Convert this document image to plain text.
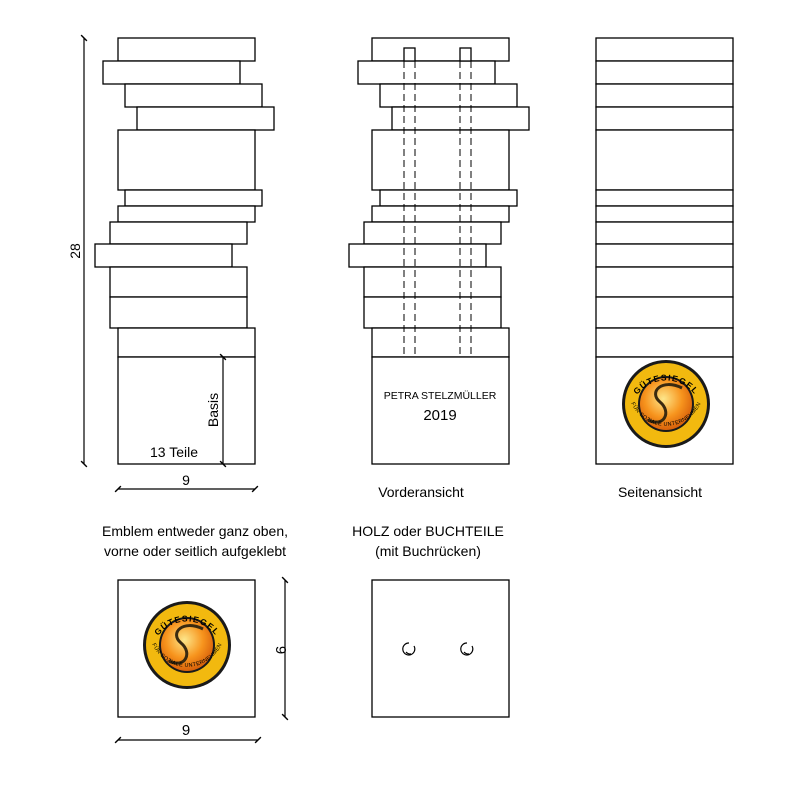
28
Basis
13 Teile
9
PETRA STELZMÜLLER
2019
Vorderansicht
GÜTESIEGEL
FÜR SOZIALE UNTERNEHMEN
Seitenansicht
Emblem entweder ganz oben,
vorne oder seitlich aufgeklebt
GÜTESIEGEL
FÜR SOZIALE UNTERNEHMEN
9
9
HOLZ oder BUCHTEILE
(mit Buchrücken)
